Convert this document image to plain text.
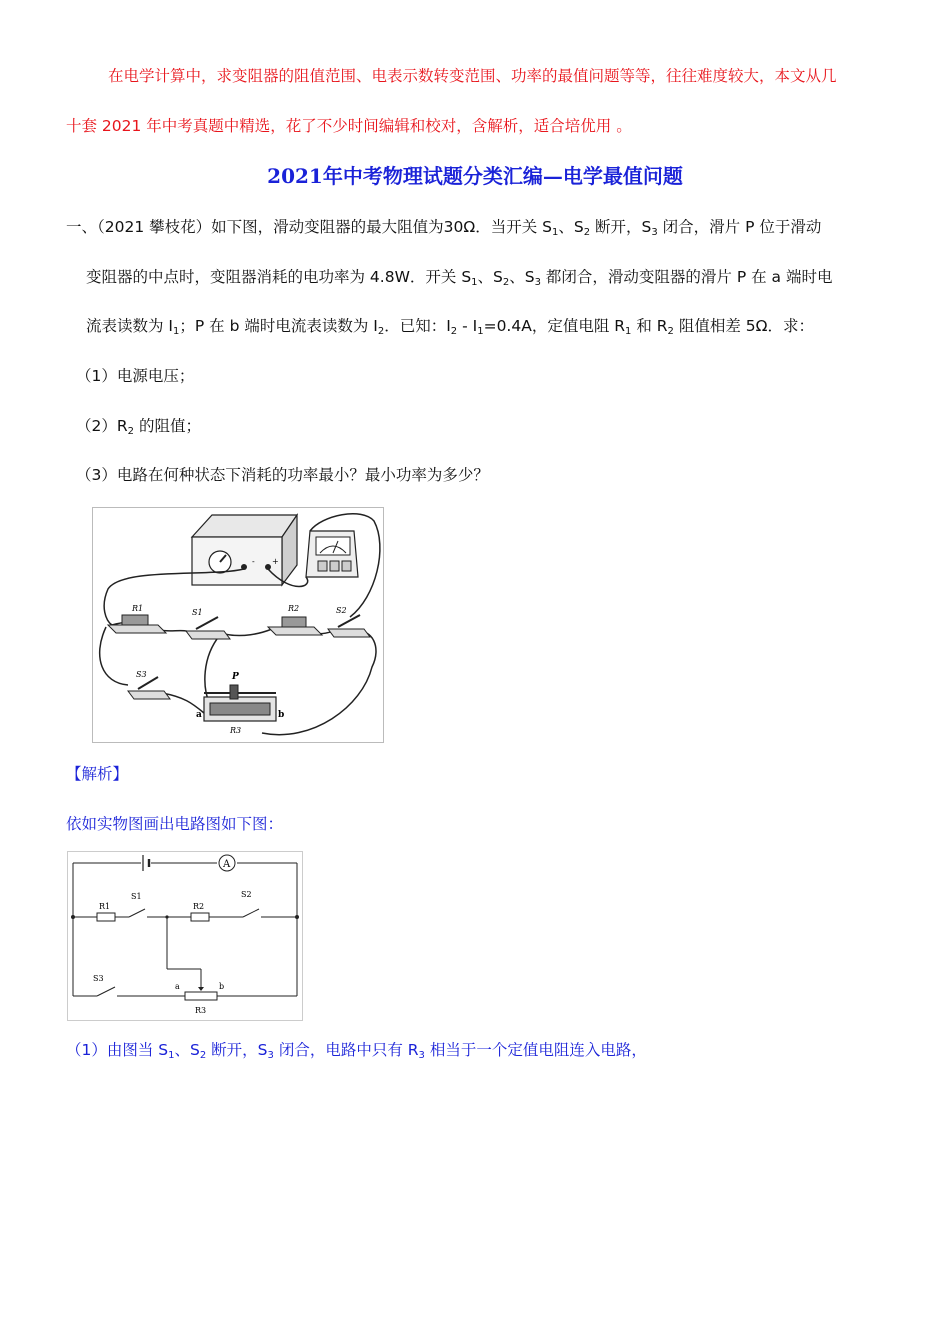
在电学计算中，求变阻器的阻值范围、电表示数转变范围、功率的最值问题等等，往往难度较大，本文从几
十套 2021 年中考真题中精选，花了不少时间编辑和校对，含解析，适合培优用 。
2021年中考物理试题分类汇编—电学最值问题
一、（2021 攀枝花）如下图，滑动变阻器的最大阻值为30Ω．当开关 $S_1$、$S_2$ 断开，$S_3$ 闭合，滑片 P 位于滑动
变阻器的中点时，变阻器消耗的电功率为 4.8W．开关 $S_1$、$S_2$、$S_3$ 都闭合，滑动变阻器的滑片 P 在 a 端时电
流表读数为 $I_1$；P 在 b 端时电流表读数为 $I_2$．已知：$I_2 - I_1=0.4A$，定值电阻 $R_1$ 和 $R_2$ 阻值相差 5Ω．求：
（1）电源电压；
$(2)R_2$ 的阻值；
（3）电路在何种状态下消耗的功率最小？最小功率为多少？
- +
R1	S1	R2	S2
S3	P
a	b
R3
【解析】
依如实物图画出电路图如下图：
A
R1
S1
R2
S2
S3
a	b
R3
（1）由图当 $S_1$、$S_2$ 断开，$S_3$ 闭合，电路中只有 $R_3$ 相当于一个定值电阻连入电路，
